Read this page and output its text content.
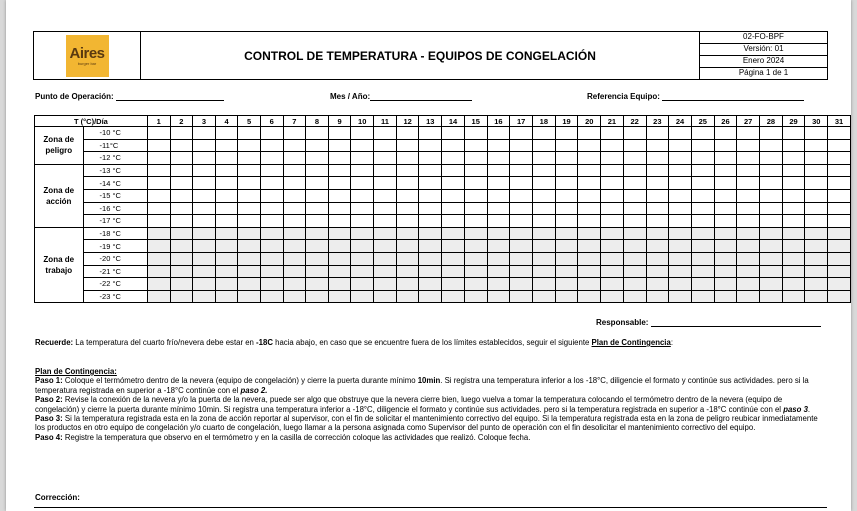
Aires
burger bar
CONTROL DE TEMPERATURA - EQUIPOS DE CONGELACIÓN
02-FO-BPF
Versión: 01
Enero 2024
Página 1 de 1
Punto de Operación:	Mes / Año:	Referencia Equipo:
T (°C)/Día		1	2	3	4	5	6	7	8	9	10	11	12	13	14	15	16	17	18	19	20	21	22	23	24	25	26	27	28	29	30	31
Zona de peligro	-10 °C																															
	-11°C																															
	-12 °C																															
Zona de acción	-13 °C																															
	-14 °C																															
	-15 °C																															
	-16 °C																															
	-17 °C																															
Zona de trabajo	-18 °C																															
	-19 °C																															
	-20 °C																															
	-21 °C																															
	-22 °C																															
	-23 °C																															
Responsable:
Recuerde: La temperatura del cuarto frío/nevera debe estar en -18C hacia abajo, en caso que se encuentre fuera de los límites establecidos, seguir el siguiente Plan de Contingencia:
Plan de Contingencia:
Paso 1: Coloque el termómetro dentro de la nevera (equipo de congelación) y cierre la puerta durante mínimo 10min. Si registra una temperatura inferior a los -18°C, diligencie el formato y continúe sus actividades. pero si la temperatura registrada en superior a -18°C continúe con el paso 2.
Paso 2: Revise la conexión de la nevera y/o la puerta de la nevera, puede ser algo que obstruye que la nevera cierre bien, luego vuelva a tomar la temperatura colocando el termómetro dentro de la nevera (equipo de congelación) y cierre la puerta durante mínimo 10min. Si registra una temperatura inferior a -18°C, diligencie el formato y continúe sus actividades. pero si la temperatura registrada en superior a -18°C continúe con el paso 3.
Paso 3: Si la temperatura registrada esta en la zona de acción reportar al supervisor, con el fin de solicitar el mantenimiento correctivo del equipo. Si la temperatura registrada esta en la zona de peligro reubicar inmediatamente los productos en otro equipo de congelación y/o cuarto de congelación, luego llamar a la persona asignada como Supervisor del punto de operación con el fin desolicitar el mantenimiento correctivo del equipo.
Paso 4: Registre la temperatura que observo en el termómetro y en la casilla de corrección coloque las actividades que realizó. Coloque fecha.
Corrección:
